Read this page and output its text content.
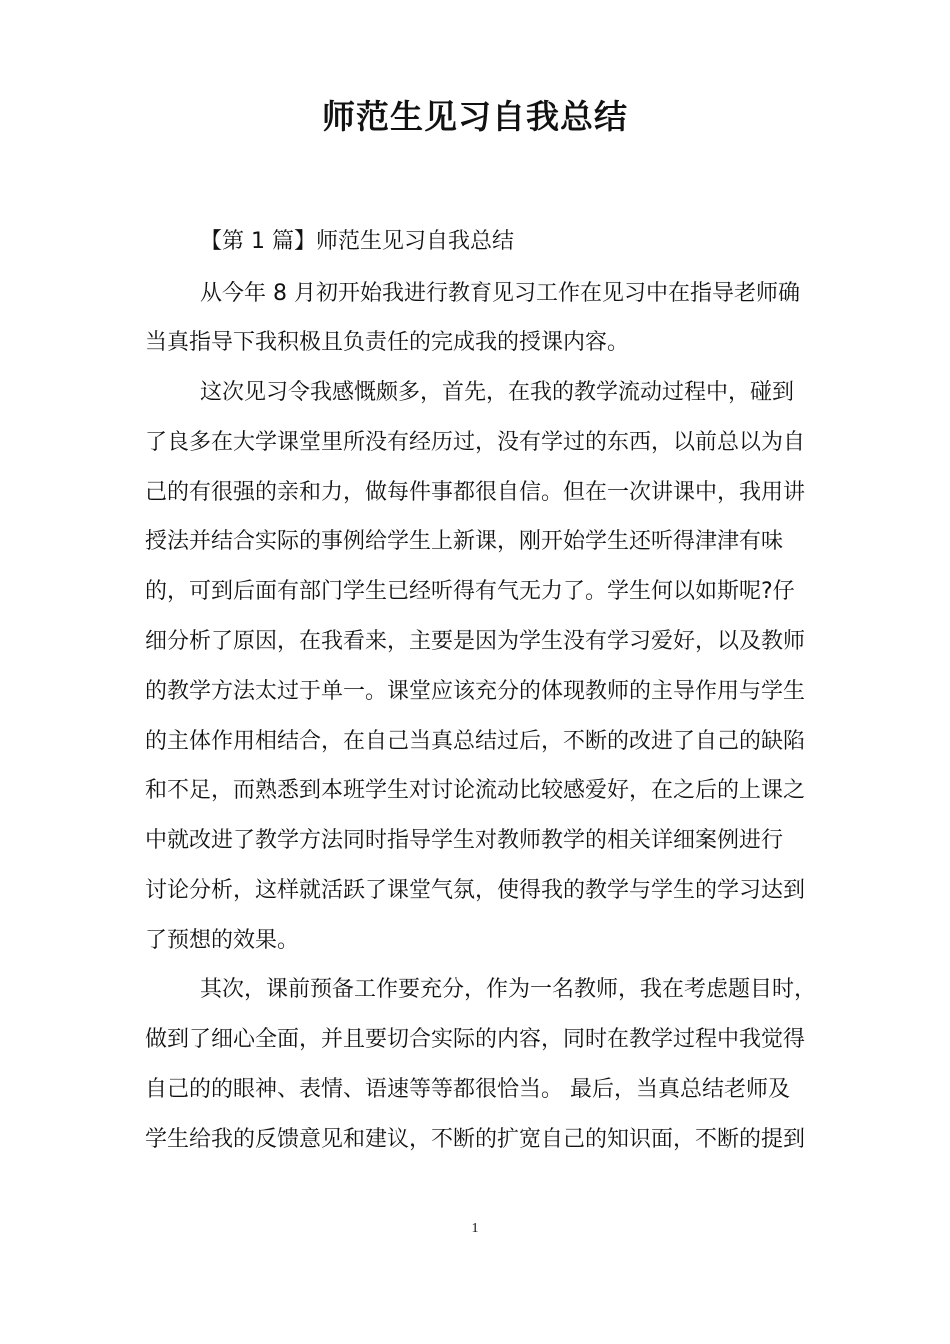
师范生见习自我总结

【第 1 篇】师范生见习自我总结

从今年 8 月初开始我进行教育见习工作在见习中在指导老师确

当真指导下我积极且负责任的完成我的授课内容。

这次见习令我感慨颇多，首先，在我的教学流动过程中，碰到

了良多在大学课堂里所没有经历过，没有学过的东西，以前总以为自

己的有很强的亲和力，做每件事都很自信。但在一次讲课中，我用讲

授法并结合实际的事例给学生上新课，刚开始学生还听得津津有味

的，可到后面有部门学生已经听得有气无力了。学生何以如斯呢?仔

细分析了原因，在我看来，主要是因为学生没有学习爱好，以及教师

的教学方法太过于单一。课堂应该充分的体现教师的主导作用与学生

的主体作用相结合，在自己当真总结过后，不断的改进了自己的缺陷

和不足，而熟悉到本班学生对讨论流动比较感爱好，在之后的上课之

中就改进了教学方法同时指导学生对教师教学的相关详细案例进行

讨论分析，这样就活跃了课堂气氛，使得我的教学与学生的学习达到

了预想的效果。

其次，课前预备工作要充分，作为一名教师，我在考虑题目时，

做到了细心全面，并且要切合实际的内容，同时在教学过程中我觉得

自己的的眼神、表情、语速等等都很恰当。 最后，当真总结老师及

学生给我的反馈意见和建议，不断的扩宽自己的知识面，不断的提到

1
